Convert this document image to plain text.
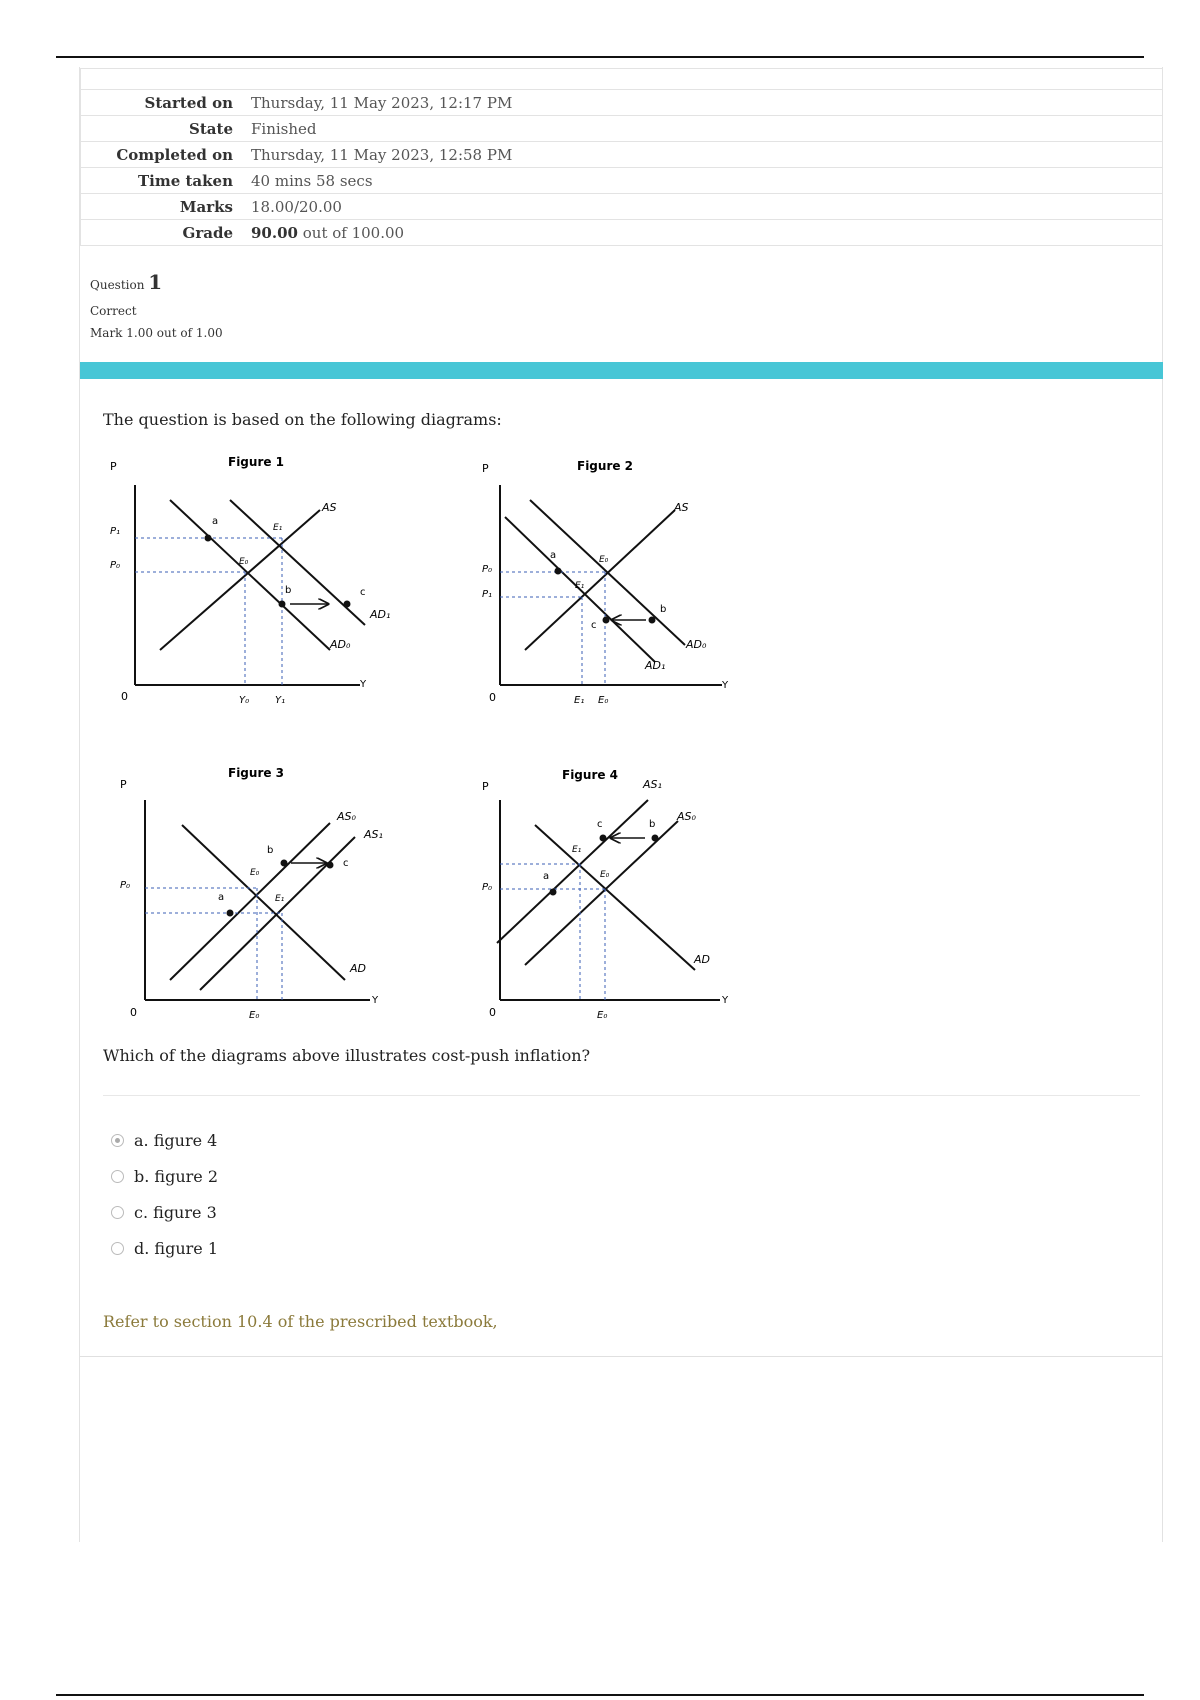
Started on	Thursday, 11 May 2023, 12:17 PM
State	Finished
Completed on	Thursday, 11 May 2023, 12:58 PM
Time taken	40 mins 58 secs
Marks	18.00/20.00
Grade	90.00 out of 100.00
Question 1
Correct
Mark 1.00 out of 1.00
The question is based on the following diagrams:
Figure 1
P
0
Y
AS
AD₀
AD₁
E₁
E₀
P₁
P₀
Y₀	Y₁
a
b	c
Figure 2
P
0
Y
AS
AD₀
AD₁
E₀
E₁
P₀
P₁
E₁ E₀
a
c
b
Figure 3
P
0
Y
AS₀
AS₁
AD
E₀
E₁
P₀
E₀
a
b
c
Figure 4
P
0
Y
AS₁
AS₀
AD
E₁
E₀
P₀
E₀
a
c	b
Which of the diagrams above illustrates cost-push inflation?
a.
figure 4
b.
figure 2
c.
figure 3
d.
figure 1
Refer to section 10.4 of the prescribed textbook,
